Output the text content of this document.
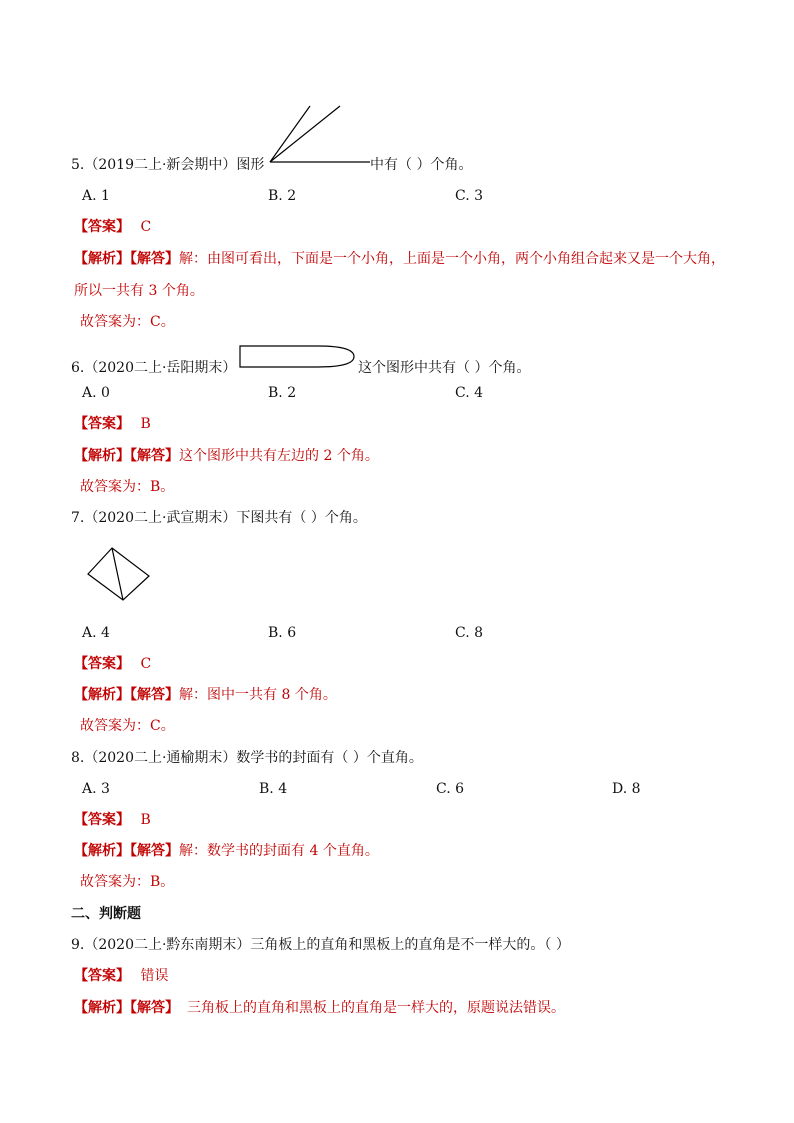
5.（2019二上·新会期中）图形	中有（ ）个角。
A. 1	B. 2	C. 3
【答案】 C
【解析】【解答】解：由图可看出，下面是一个小角，上面是一个小角，两个小角组合起来又是一个大角，
所以一共有 3 个角。
故答案为：C。
6.（2020二上·岳阳期末）	这个图形中共有（ ）个角。
A. 0	B. 2	C. 4
【答案】 B
【解析】【解答】这个图形中共有左边的 2 个角。
故答案为：B。
7.（2020二上·武宣期末）下图共有（ ）个角。
A. 4	B. 6	C. 8
【答案】 C
【解析】【解答】解：图中一共有 8 个角。
故答案为：C。
8.（2020二上·通榆期末）数学书的封面有（ ）个直角。
A. 3	B. 4	C. 6	D. 8
【答案】 B
【解析】【解答】解：数学书的封面有 4 个直角。
故答案为：B。
二、判断题
9.（2020二上·黔东南期末）三角板上的直角和黑板上的直角是不一样大的。（ ）
【答案】 错误
【解析】【解答】 三角板上的直角和黑板上的直角是一样大的，原题说法错误。
